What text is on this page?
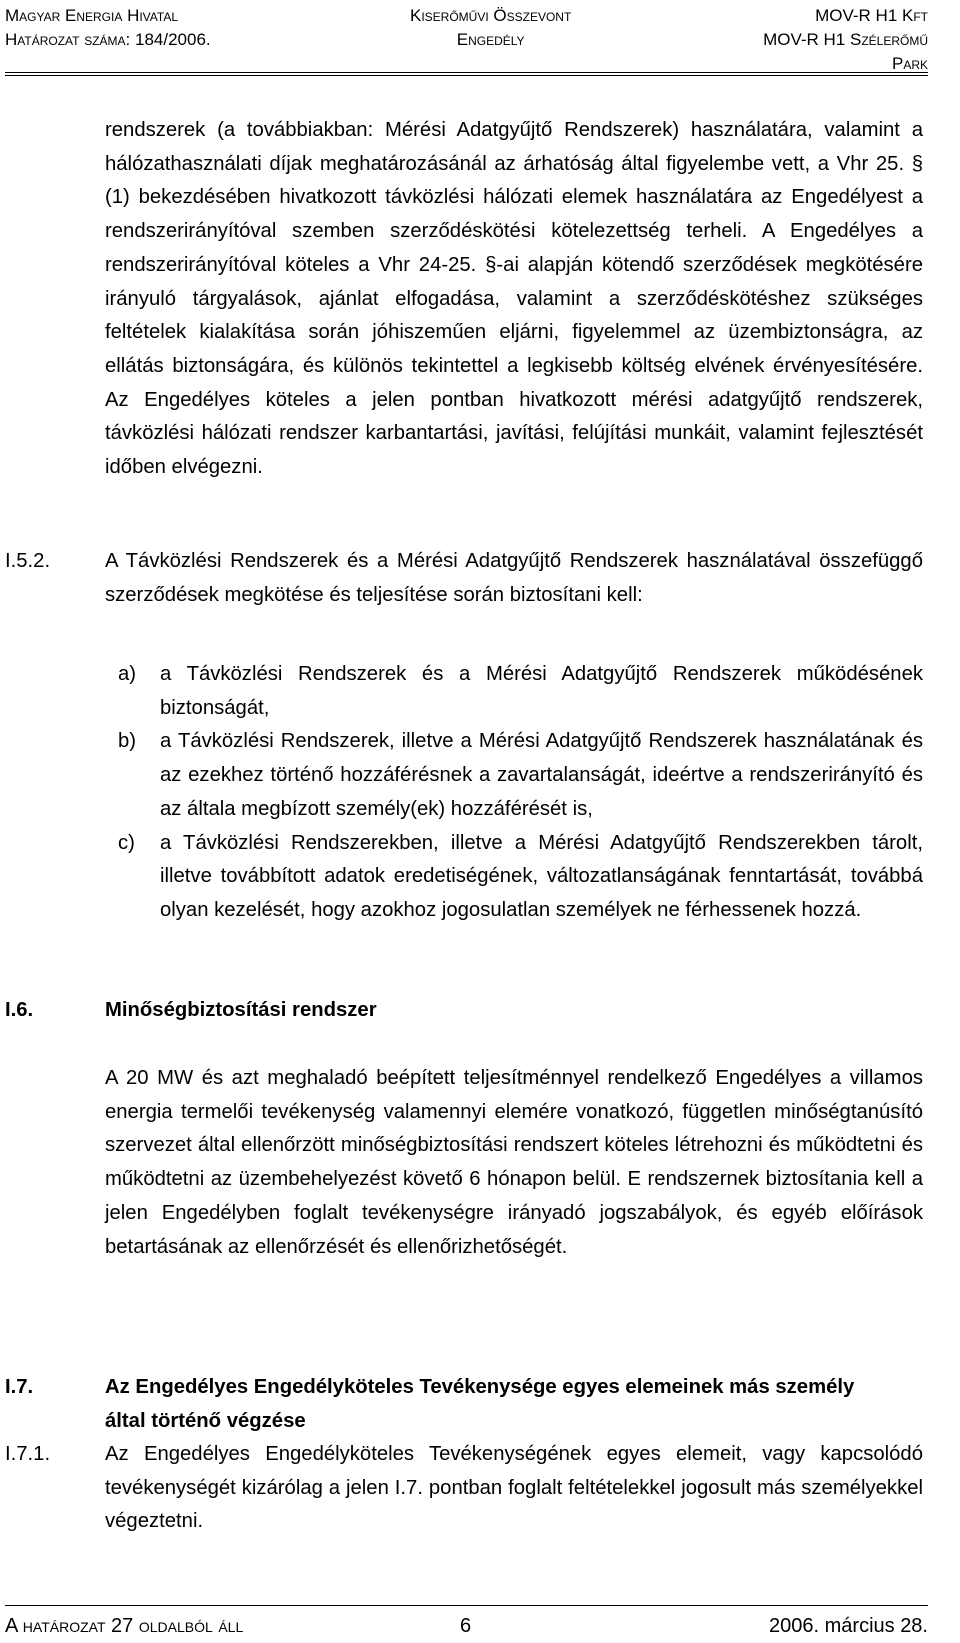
Magyar Energia Hivatal
Határozat száma: 184/2006.
Kiserőművi Összevont
Engedély
MOV-R H1 Kft
MOV-R H1 Szélerőmű
Park

rendszerek (a továbbiakban: Mérési Adatgyűjtő Rendszerek) használatára, valamint a hálózathasználati díjak meghatározásánál az árhatóság által figyelembe vett, a Vhr 25. § (1) bekezdésében hivatkozott távközlési hálózati elemek használatára az Engedélyest a rendszerirányítóval szemben szerződéskötési kötelezettség terheli. A Engedélyes a rendszerirányítóval köteles a Vhr 24-25. §-ai alapján kötendő szerződések megkötésére irányuló tárgyalások, ajánlat elfogadása, valamint a szerződéskötéshez szükséges feltételek kialakítása során jóhiszeműen eljárni, figyelemmel az üzembiztonságra, az ellátás biztonságára, és különös tekintettel a legkisebb költség elvének érvényesítésére. Az Engedélyes köteles a jelen pontban hivatkozott mérési adatgyűjtő rendszerek, távközlési hálózati rendszer karbantartási, javítási, felújítási munkáit, valamint fejlesztését időben elvégezni.

I.5.2.	A Távközlési Rendszerek és a Mérési Adatgyűjtő Rendszerek használatával összefüggő szerződések megkötése és teljesítése során biztosítani kell:

a) a Távközlési Rendszerek és a Mérési Adatgyűjtő Rendszerek működésének biztonságát,

b) a Távközlési Rendszerek, illetve a Mérési Adatgyűjtő Rendszerek használatának és az ezekhez történő hozzáférésnek a zavartalanságát, ideértve a rendszerirányító és az általa megbízott személy(ek) hozzáférését is,

c) a Távközlési Rendszerekben, illetve a Mérési Adatgyűjtő Rendszerekben tárolt, illetve továbbított adatok eredetiségének, változatlanságának fenntartását, továbbá olyan kezelését, hogy azokhoz jogosulatlan személyek ne férhessenek hozzá.

I.6.	Minőségbiztosítási rendszer

A 20 MW és azt meghaladó beépített teljesítménnyel rendelkező Engedélyes a villamos energia termelői tevékenység valamennyi elemére vonatkozó, független minőségtanúsító szervezet által ellenőrzött minőségbiztosítási rendszert köteles létrehozni és működtetni és működtetni az üzembehelyezést követő 6 hónapon belül. E rendszernek biztosítania kell a jelen Engedélyben foglalt tevékenységre irányadó jogszabályok, és egyéb előírások betartásának az ellenőrzését és ellenőrizhetőségét.

I.7.	Az Engedélyes Engedélyköteles Tevékenysége egyes elemeinek más személy által történő végzése
I.7.1.	Az Engedélyes Engedélyköteles Tevékenységének egyes elemeit, vagy kapcsolódó tevékenységét kizárólag a jelen I.7. pontban foglalt feltételekkel jogosult más személyekkel végeztetni.

A határozat 27 oldalból áll	6	2006. március 28.
